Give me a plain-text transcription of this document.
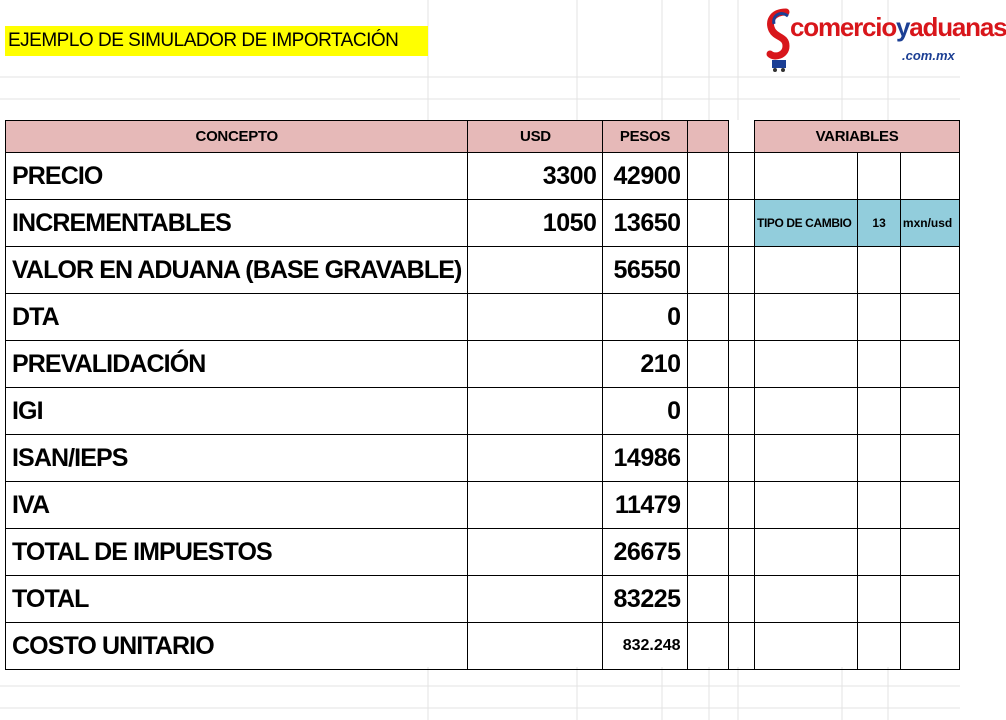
EJEMPLO DE SIMULADOR DE IMPORTACIÓN	comercioyaduanas
.com.mx
CONCEPTO	USD	PESOS			VARIABLES		
PRECIO	3300	42900					
INCREMENTABLES	1050	13650			TIPO DE CAMBIO	13	mxn/usd
VALOR EN ADUANA (BASE GRAVABLE)		56550					
DTA		0					
PREVALIDACIÓN		210					
IGI		0					
ISAN/IEPS		14986					
IVA		11479					
TOTAL DE IMPUESTOS		26675					
TOTAL		83225					
COSTO UNITARIO		832.248					
